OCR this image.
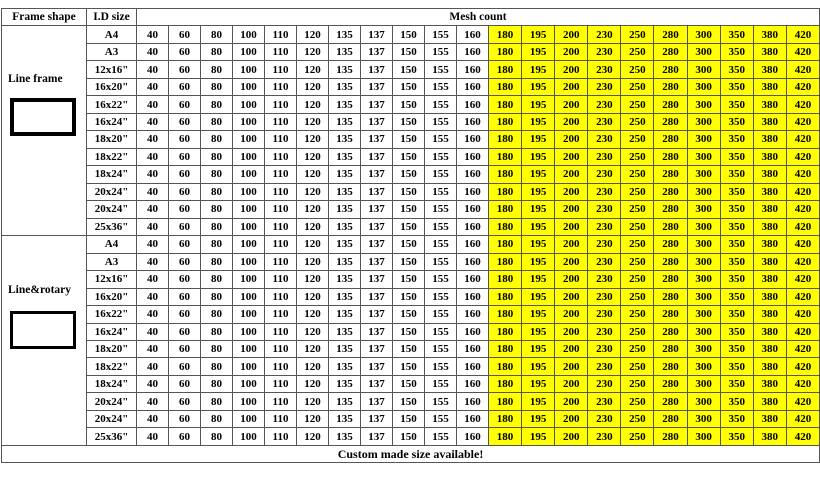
Frame shape	I.D size	Mesh count																				

Line frame	A4	40	60	80	100	110	120	135	137	150	155	160	180	195	200	230	250	280	300	350	380	420
	A3	40	60	80	100	110	120	135	137	150	155	160	180	195	200	230	250	280	300	350	380	420
	12x16"	40	60	80	100	110	120	135	137	150	155	160	180	195	200	230	250	280	300	350	380	420
	16x20"	40	60	80	100	110	120	135	137	150	155	160	180	195	200	230	250	280	300	350	380	420
	16x22"	40	60	80	100	110	120	135	137	150	155	160	180	195	200	230	250	280	300	350	380	420
	16x24"	40	60	80	100	110	120	135	137	150	155	160	180	195	200	230	250	280	300	350	380	420
	18x20"	40	60	80	100	110	120	135	137	150	155	160	180	195	200	230	250	280	300	350	380	420
	18x22"	40	60	80	100	110	120	135	137	150	155	160	180	195	200	230	250	280	300	350	380	420
	18x24"	40	60	80	100	110	120	135	137	150	155	160	180	195	200	230	250	280	300	350	380	420
	20x24"	40	60	80	100	110	120	135	137	150	155	160	180	195	200	230	250	280	300	350	380	420
	20x24"	40	60	80	100	110	120	135	137	150	155	160	180	195	200	230	250	280	300	350	380	420
	25x36"	40	60	80	100	110	120	135	137	150	155	160	180	195	200	230	250	280	300	350	380	420

Line&rotary	A4	40	60	80	100	110	120	135	137	150	155	160	180	195	200	230	250	280	300	350	380	420
	A3	40	60	80	100	110	120	135	137	150	155	160	180	195	200	230	250	280	300	350	380	420
	12x16"	40	60	80	100	110	120	135	137	150	155	160	180	195	200	230	250	280	300	350	380	420
	16x20"	40	60	80	100	110	120	135	137	150	155	160	180	195	200	230	250	280	300	350	380	420
	16x22"	40	60	80	100	110	120	135	137	150	155	160	180	195	200	230	250	280	300	350	380	420
	16x24"	40	60	80	100	110	120	135	137	150	155	160	180	195	200	230	250	280	300	350	380	420
	18x20"	40	60	80	100	110	120	135	137	150	155	160	180	195	200	230	250	280	300	350	380	420
	18x22"	40	60	80	100	110	120	135	137	150	155	160	180	195	200	230	250	280	300	350	380	420
	18x24"	40	60	80	100	110	120	135	137	150	155	160	180	195	200	230	250	280	300	350	380	420
	20x24"	40	60	80	100	110	120	135	137	150	155	160	180	195	200	230	250	280	300	350	380	420
	20x24"	40	60	80	100	110	120	135	137	150	155	160	180	195	200	230	250	280	300	350	380	420
	25x36"	40	60	80	100	110	120	135	137	150	155	160	180	195	200	230	250	280	300	350	380	420
Custom made size available!																						
